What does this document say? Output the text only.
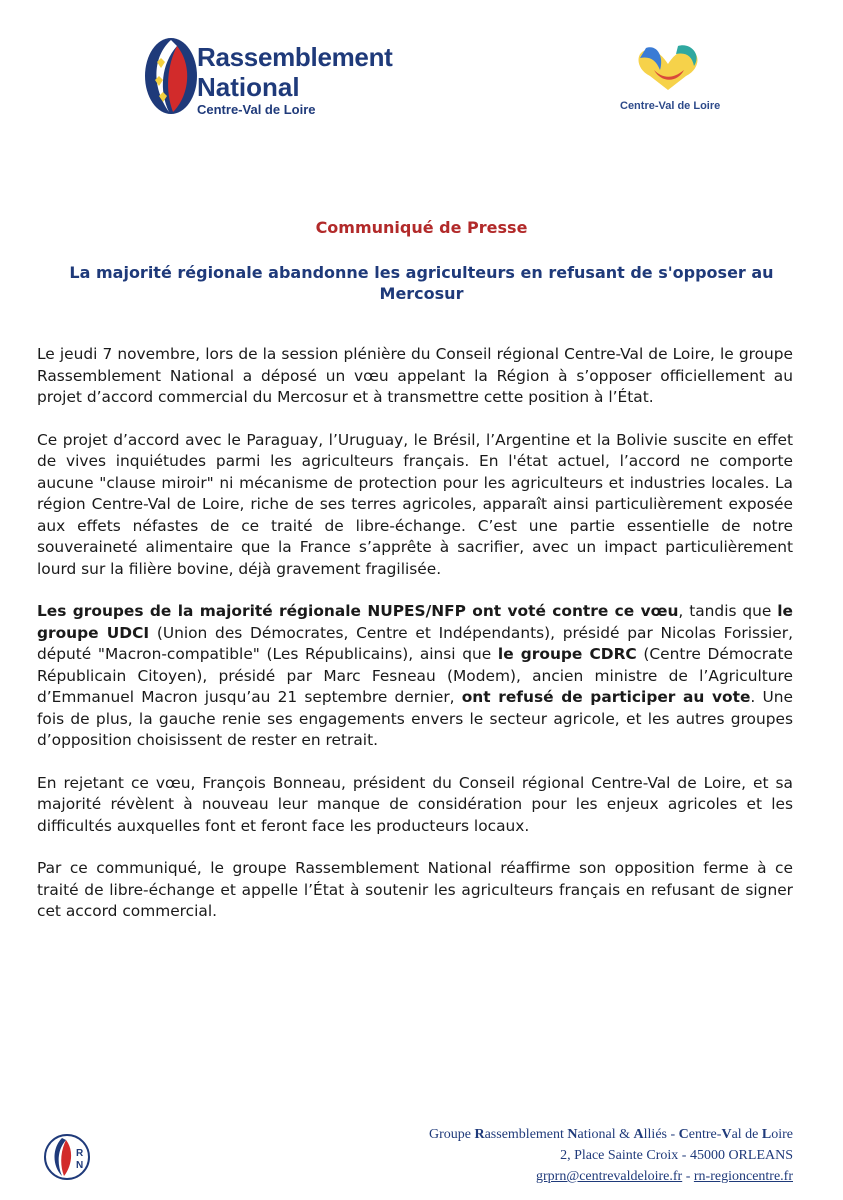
Rassemblement
National
Centre-Val de Loire	Centre-Val de Loire
Communiqué de Presse
La majorité régionale abandonne les agriculteurs en refusant de s'opposer au Mercosur

Le jeudi 7 novembre, lors de la session plénière du Conseil régional Centre-Val de Loire, le groupe Rassemblement National a déposé un vœu appelant la Région à s’opposer officiellement au projet d’accord commercial du Mercosur et à transmettre cette position à l’État.

Ce projet d’accord avec le Paraguay, l’Uruguay, le Brésil, l’Argentine et la Bolivie suscite en effet de vives inquiétudes parmi les agriculteurs français. En l'état actuel, l’accord ne comporte aucune "clause miroir" ni mécanisme de protection pour les agriculteurs et industries locales. La région Centre-Val de Loire, riche de ses terres agricoles, apparaît ainsi particulièrement exposée aux effets néfastes de ce traité de libre-échange. C’est une partie essentielle de notre souveraineté alimentaire que la France s’apprête à sacrifier, avec un impact particulièrement lourd sur la filière bovine, déjà gravement fragilisée.

Les groupes de la majorité régionale NUPES/NFP ont voté contre ce vœu, tandis que le groupe UDCI (Union des Démocrates, Centre et Indépendants), présidé par Nicolas Forissier, député "Macron-compatible" (Les Républicains), ainsi que le groupe CDRC (Centre Démocrate Républicain Citoyen), présidé par Marc Fesneau (Modem), ancien ministre de l’Agriculture d’Emmanuel Macron jusqu’au 21 septembre dernier, ont refusé de participer au vote. Une fois de plus, la gauche renie ses engagements envers le secteur agricole, et les autres groupes d’opposition choisissent de rester en retrait.

En rejetant ce vœu, François Bonneau, président du Conseil régional Centre-Val de Loire, et sa majorité révèlent à nouveau leur manque de considération pour les enjeux agricoles et les difficultés auxquelles font et feront face les producteurs locaux.

Par ce communiqué, le groupe Rassemblement National réaffirme son opposition ferme à ce traité de libre-échange et appelle l’État à soutenir les agriculteurs français en refusant de signer cet accord commercial.

R
N
Groupe Rassemblement National & Alliés - Centre-Val de Loire
2, Place Sainte Croix - 45000 ORLEANS
grprn@centrevaldeloire.fr - rn-regioncentre.fr
